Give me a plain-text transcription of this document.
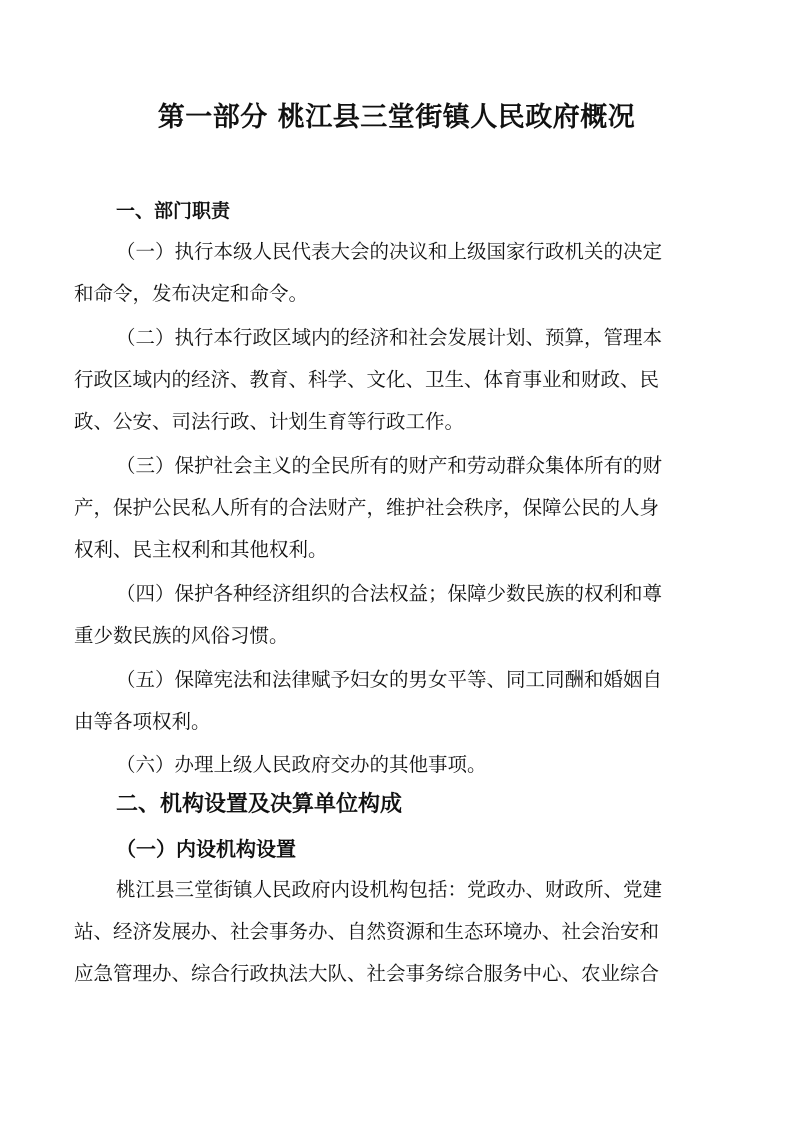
第一部分 桃江县三堂街镇人民政府概况
一、部门职责
（一）执行本级人民代表大会的决议和上级国家行政机关的决定
和命令，发布决定和命令。
（二）执行本行政区域内的经济和社会发展计划、预算，管理本
行政区域内的经济、教育、科学、文化、卫生、体育事业和财政、民
政、公安、司法行政、计划生育等行政工作。
（三）保护社会主义的全民所有的财产和劳动群众集体所有的财
产，保护公民私人所有的合法财产，维护社会秩序，保障公民的人身
权利、民主权利和其他权利。
（四）保护各种经济组织的合法权益；保障少数民族的权利和尊
重少数民族的风俗习惯。
（五）保障宪法和法律赋予妇女的男女平等、同工同酬和婚姻自
由等各项权利。
（六）办理上级人民政府交办的其他事项。
二、机构设置及决算单位构成
（一）内设机构设置
桃江县三堂街镇人民政府内设机构包括：党政办、财政所、党建
站、经济发展办、社会事务办、自然资源和生态环境办、社会治安和
应急管理办、综合行政执法大队、社会事务综合服务中心、农业综合
